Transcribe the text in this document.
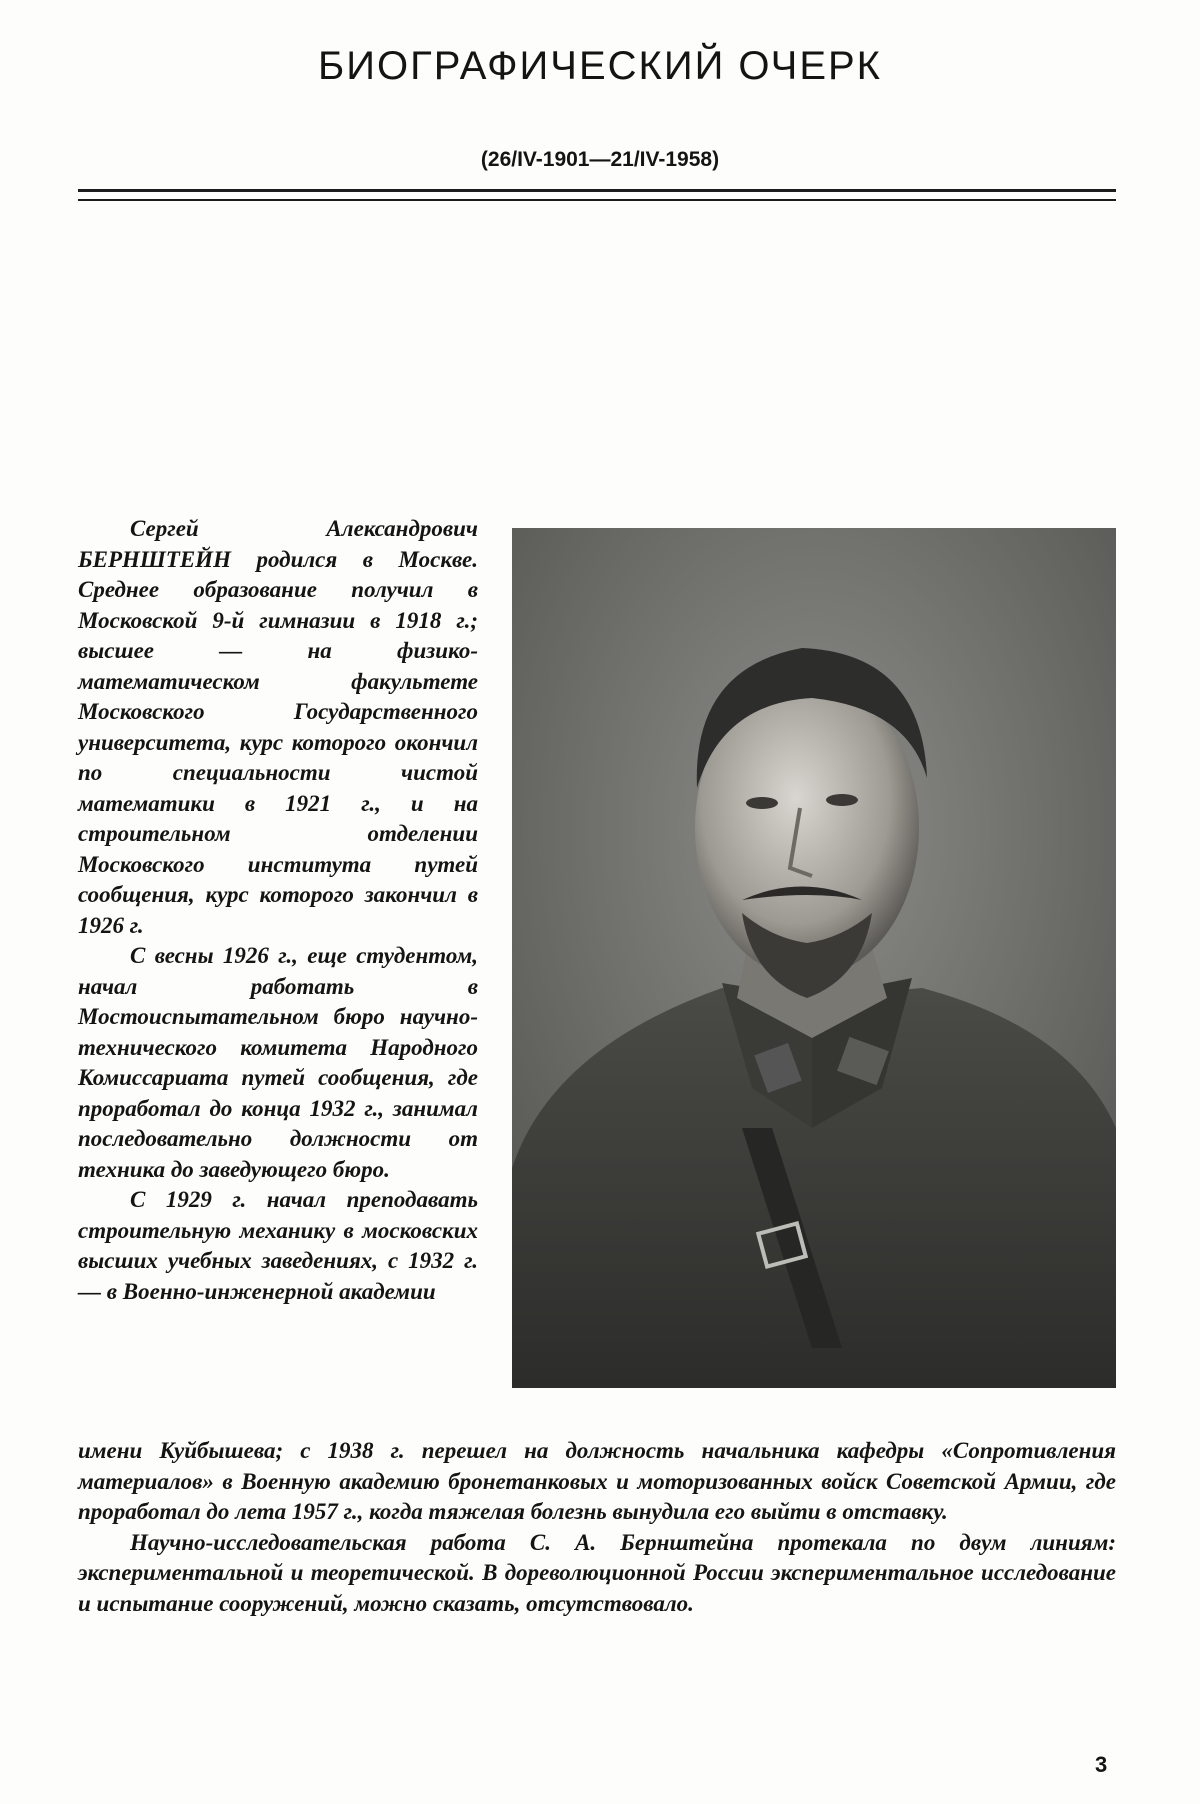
БИОГРАФИЧЕСКИЙ ОЧЕРК
(26/IV-1901—21/IV-1958)

Сергей Александрович БЕРНШТЕЙН родился в Москве. Среднее образование получил в Московской 9-й гимназии в 1918 г.; высшее — на физико-математическом факультете Московского Государственного университета, курс которого окончил по специальности чистой математики в 1921 г., и на строительном отделении Московского института путей сообщения, курс которого закончил в 1926 г.

С весны 1926 г., еще студентом, начал работать в Мостоиспытательном бюро научно-технического комитета Народного Комиссариата путей сообщения, где проработал до конца 1932 г., занимал последовательно должности от техника до заведующего бюро.

С 1929 г. начал преподавать строительную механику в московских высших учебных заведениях, с 1932 г. — в Военно-инженерной академии

имени Куйбышева; с 1938 г. перешел на должность начальника кафедры «Сопротивления материалов» в Военную академию бронетанковых и моторизованных войск Советской Армии, где проработал до лета 1957 г., когда тяжелая болезнь вынудила его выйти в отставку.

Научно-исследовательская работа С. А. Бернштейна протекала по двум линиям: экспериментальной и теоретической. В дореволюционной России экспериментальное исследование и испытание сооружений, можно сказать, отсутствовало.

3
